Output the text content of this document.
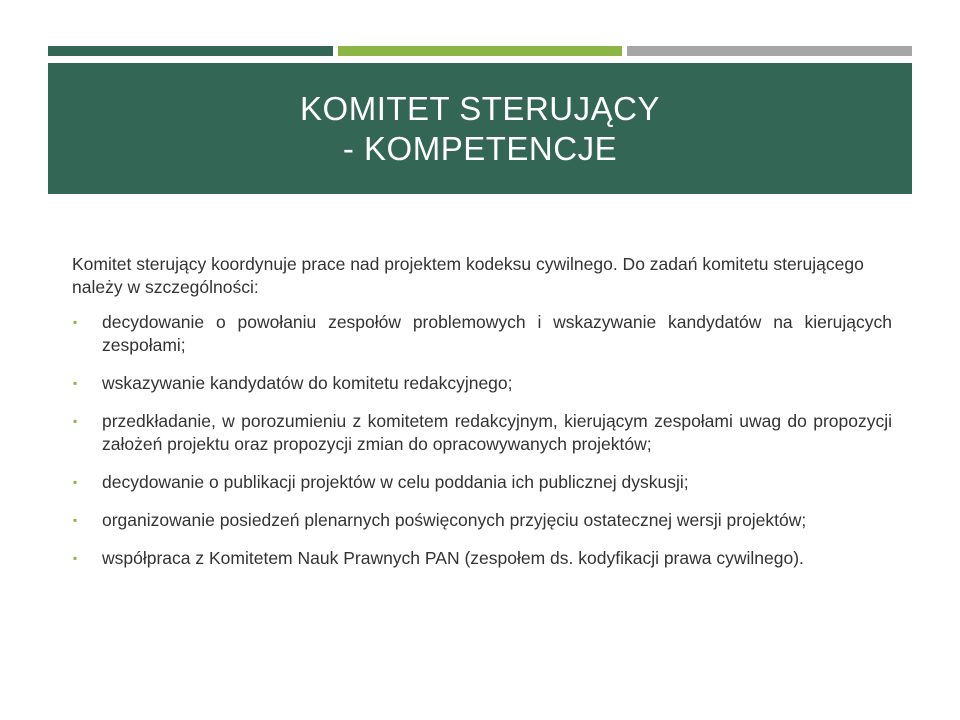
KOMITET STERUJĄCY
- KOMPETENCJE

Komitet sterujący koordynuje prace nad projektem kodeksu cywilnego. Do zadań komitetu sterującego należy w szczególności:

▪ decydowanie o powołaniu zespołów problemowych i wskazywanie kandydatów na kierujących zespołami;
▪ wskazywanie kandydatów do komitetu redakcyjnego;
▪ przedkładanie, w porozumieniu z komitetem redakcyjnym, kierującym zespołami uwag do propozycji założeń projektu oraz propozycji zmian do opracowywanych projektów;
▪ decydowanie o publikacji projektów w celu poddania ich publicznej dyskusji;
▪ organizowanie posiedzeń plenarnych poświęconych przyjęciu ostatecznej wersji projektów;
▪ współpraca z Komitetem Nauk Prawnych PAN (zespołem ds. kodyfikacji prawa cywilnego).
